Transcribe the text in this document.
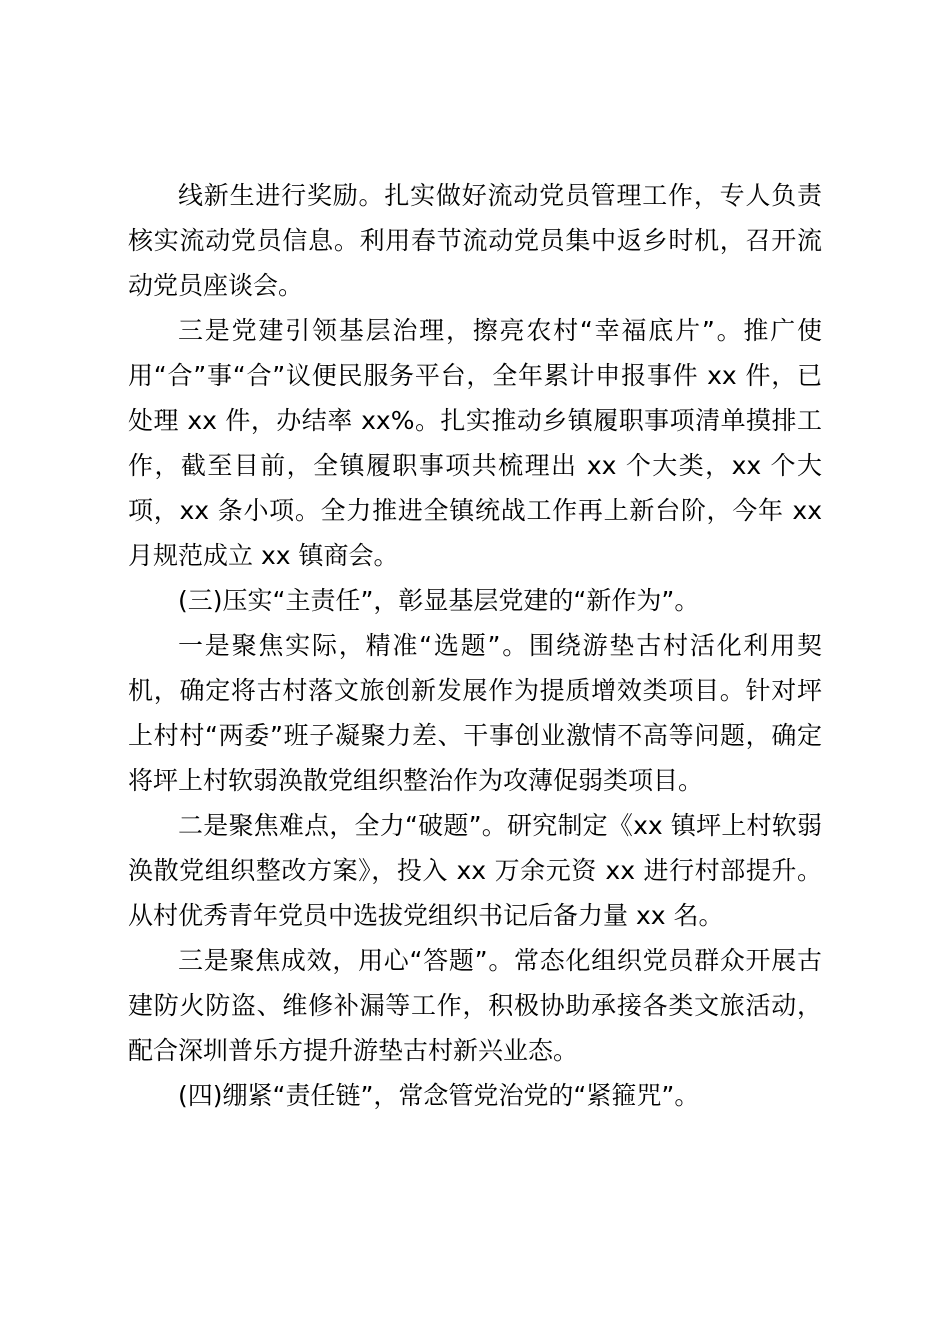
线新生进行奖励。扎实做好流动党员管理工作，专人负责核实流动党员信息。利用春节流动党员集中返乡时机，召开流动党员座谈会。

三是党建引领基层治理，擦亮农村“幸福底片”。推广使用“合”事“合”议便民服务平台，全年累计申报事件 xx 件，已处理 xx 件，办结率 xx%。扎实推动乡镇履职事项清单摸排工作，截至目前，全镇履职事项共梳理出 xx 个大类，xx 个大项，xx 条小项。全力推进全镇统战工作再上新台阶，今年 xx 月规范成立 xx 镇商会。

(三)压实“主责任”，彰显基层党建的“新作为”。

一是聚焦实际，精准“选题”。围绕游垫古村活化利用契机，确定将古村落文旅创新发展作为提质增效类项目。针对坪上村村“两委”班子凝聚力差、干事创业激情不高等问题，确定将坪上村软弱涣散党组织整治作为攻薄促弱类项目。

二是聚焦难点，全力“破题”。研究制定《xx 镇坪上村软弱涣散党组织整改方案》，投入 xx 万余元资 xx 进行村部提升。从村优秀青年党员中选拔党组织书记后备力量 xx 名。

三是聚焦成效，用心“答题”。常态化组织党员群众开展古建防火防盗、维修补漏等工作，积极协助承接各类文旅活动，配合深圳普乐方提升游垫古村新兴业态。

(四)绷紧“责任链”，常念管党治党的“紧箍咒”。
